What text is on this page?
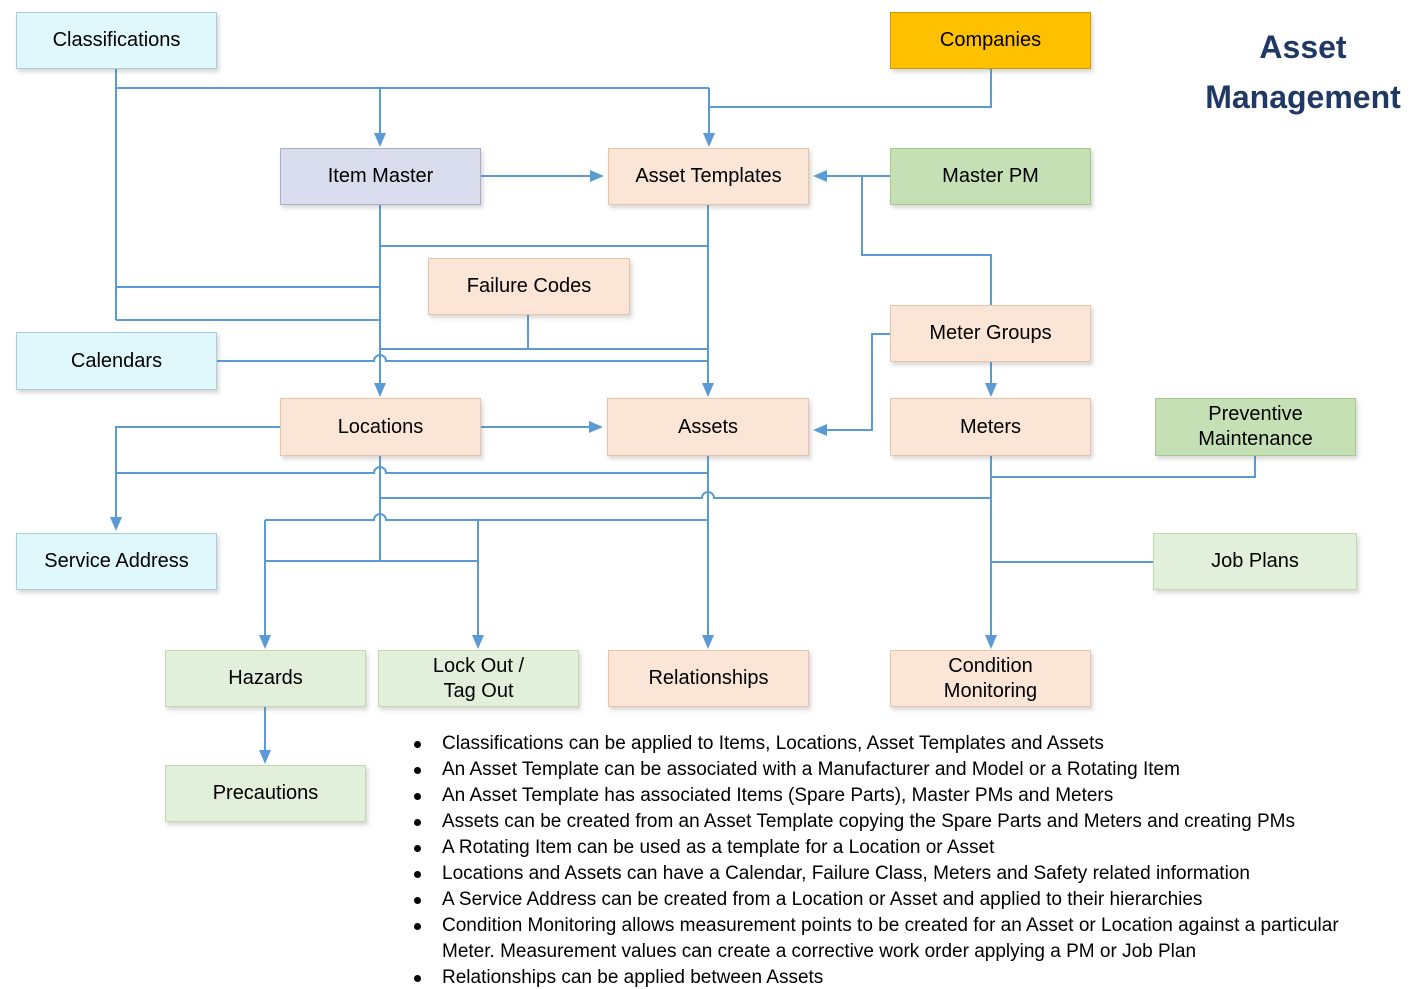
Classifications	Companies
Item Master	Asset Templates	Master PM
Failure Codes
Calendars
Meter Groups
Locations	Assets	Meters
Preventive Maintenance
Service Address	Job Plans
Hazards
Lock Out / Tag Out
Relationships
Condition Monitoring
Precautions
Asset
Management
Classifications can be applied to Items, Locations, Asset Templates and Assets
An Asset Template can be associated with a Manufacturer and Model or a Rotating Item
An Asset Template has associated Items (Spare Parts), Master PMs and Meters
Assets can be created from an Asset Template copying the Spare Parts and Meters and creating PMs
A Rotating Item can be used as a template for a Location or Asset
Locations and Assets can have a Calendar, Failure Class, Meters and Safety related information
A Service Address can be created from a Location or Asset and applied to their hierarchies
Condition Monitoring allows measurement points to be created for an Asset or Location against a particular Meter. Measurement values can create a corrective work order applying a PM or Job Plan
Relationships can be applied between Assets
